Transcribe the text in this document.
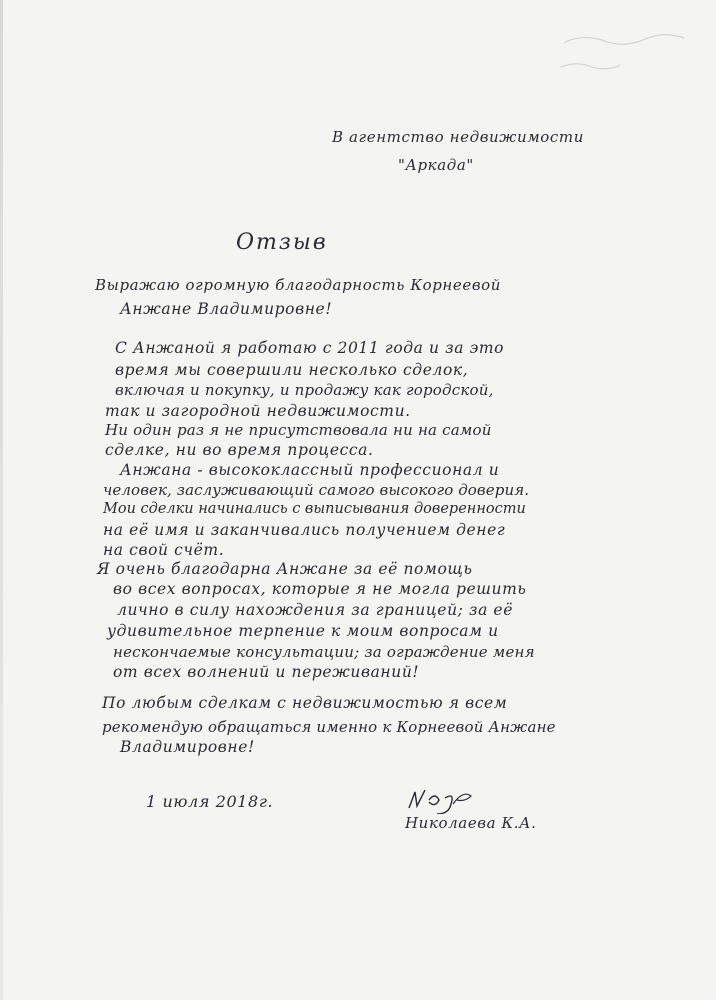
В агентство недвижимости
"Аркада"
Отзыв
Выражаю огромную благодарность Корнеевой
Анжане Владимировне!
С Анжаной я работаю с 2011 года и за это
время мы совершили несколько сделок,
включая и покупку, и продажу как городской,
так и загородной недвижимости.
Ни один раз я не присутствовала ни на самой
сделке, ни во время процесса.
Анжана - высококлассный профессионал и
человек, заслуживающий самого высокого доверия.
Мои сделки начинались с выписывания доверенности
на её имя и заканчивались получением денег
на свой счёт.
Я очень благодарна Анжане за её помощь
во всех вопросах, которые я не могла решить
лично в силу нахождения за границей; за её
удивительное терпение к моим вопросам и
нескончаемые консультации; за ограждение меня
от всех волнений и переживаний!
По любым сделкам с недвижимостью я всем
рекомендую обращаться именно к Корнеевой Анжане
Владимировне!
1 июля 2018г.
Николаева К.А.
